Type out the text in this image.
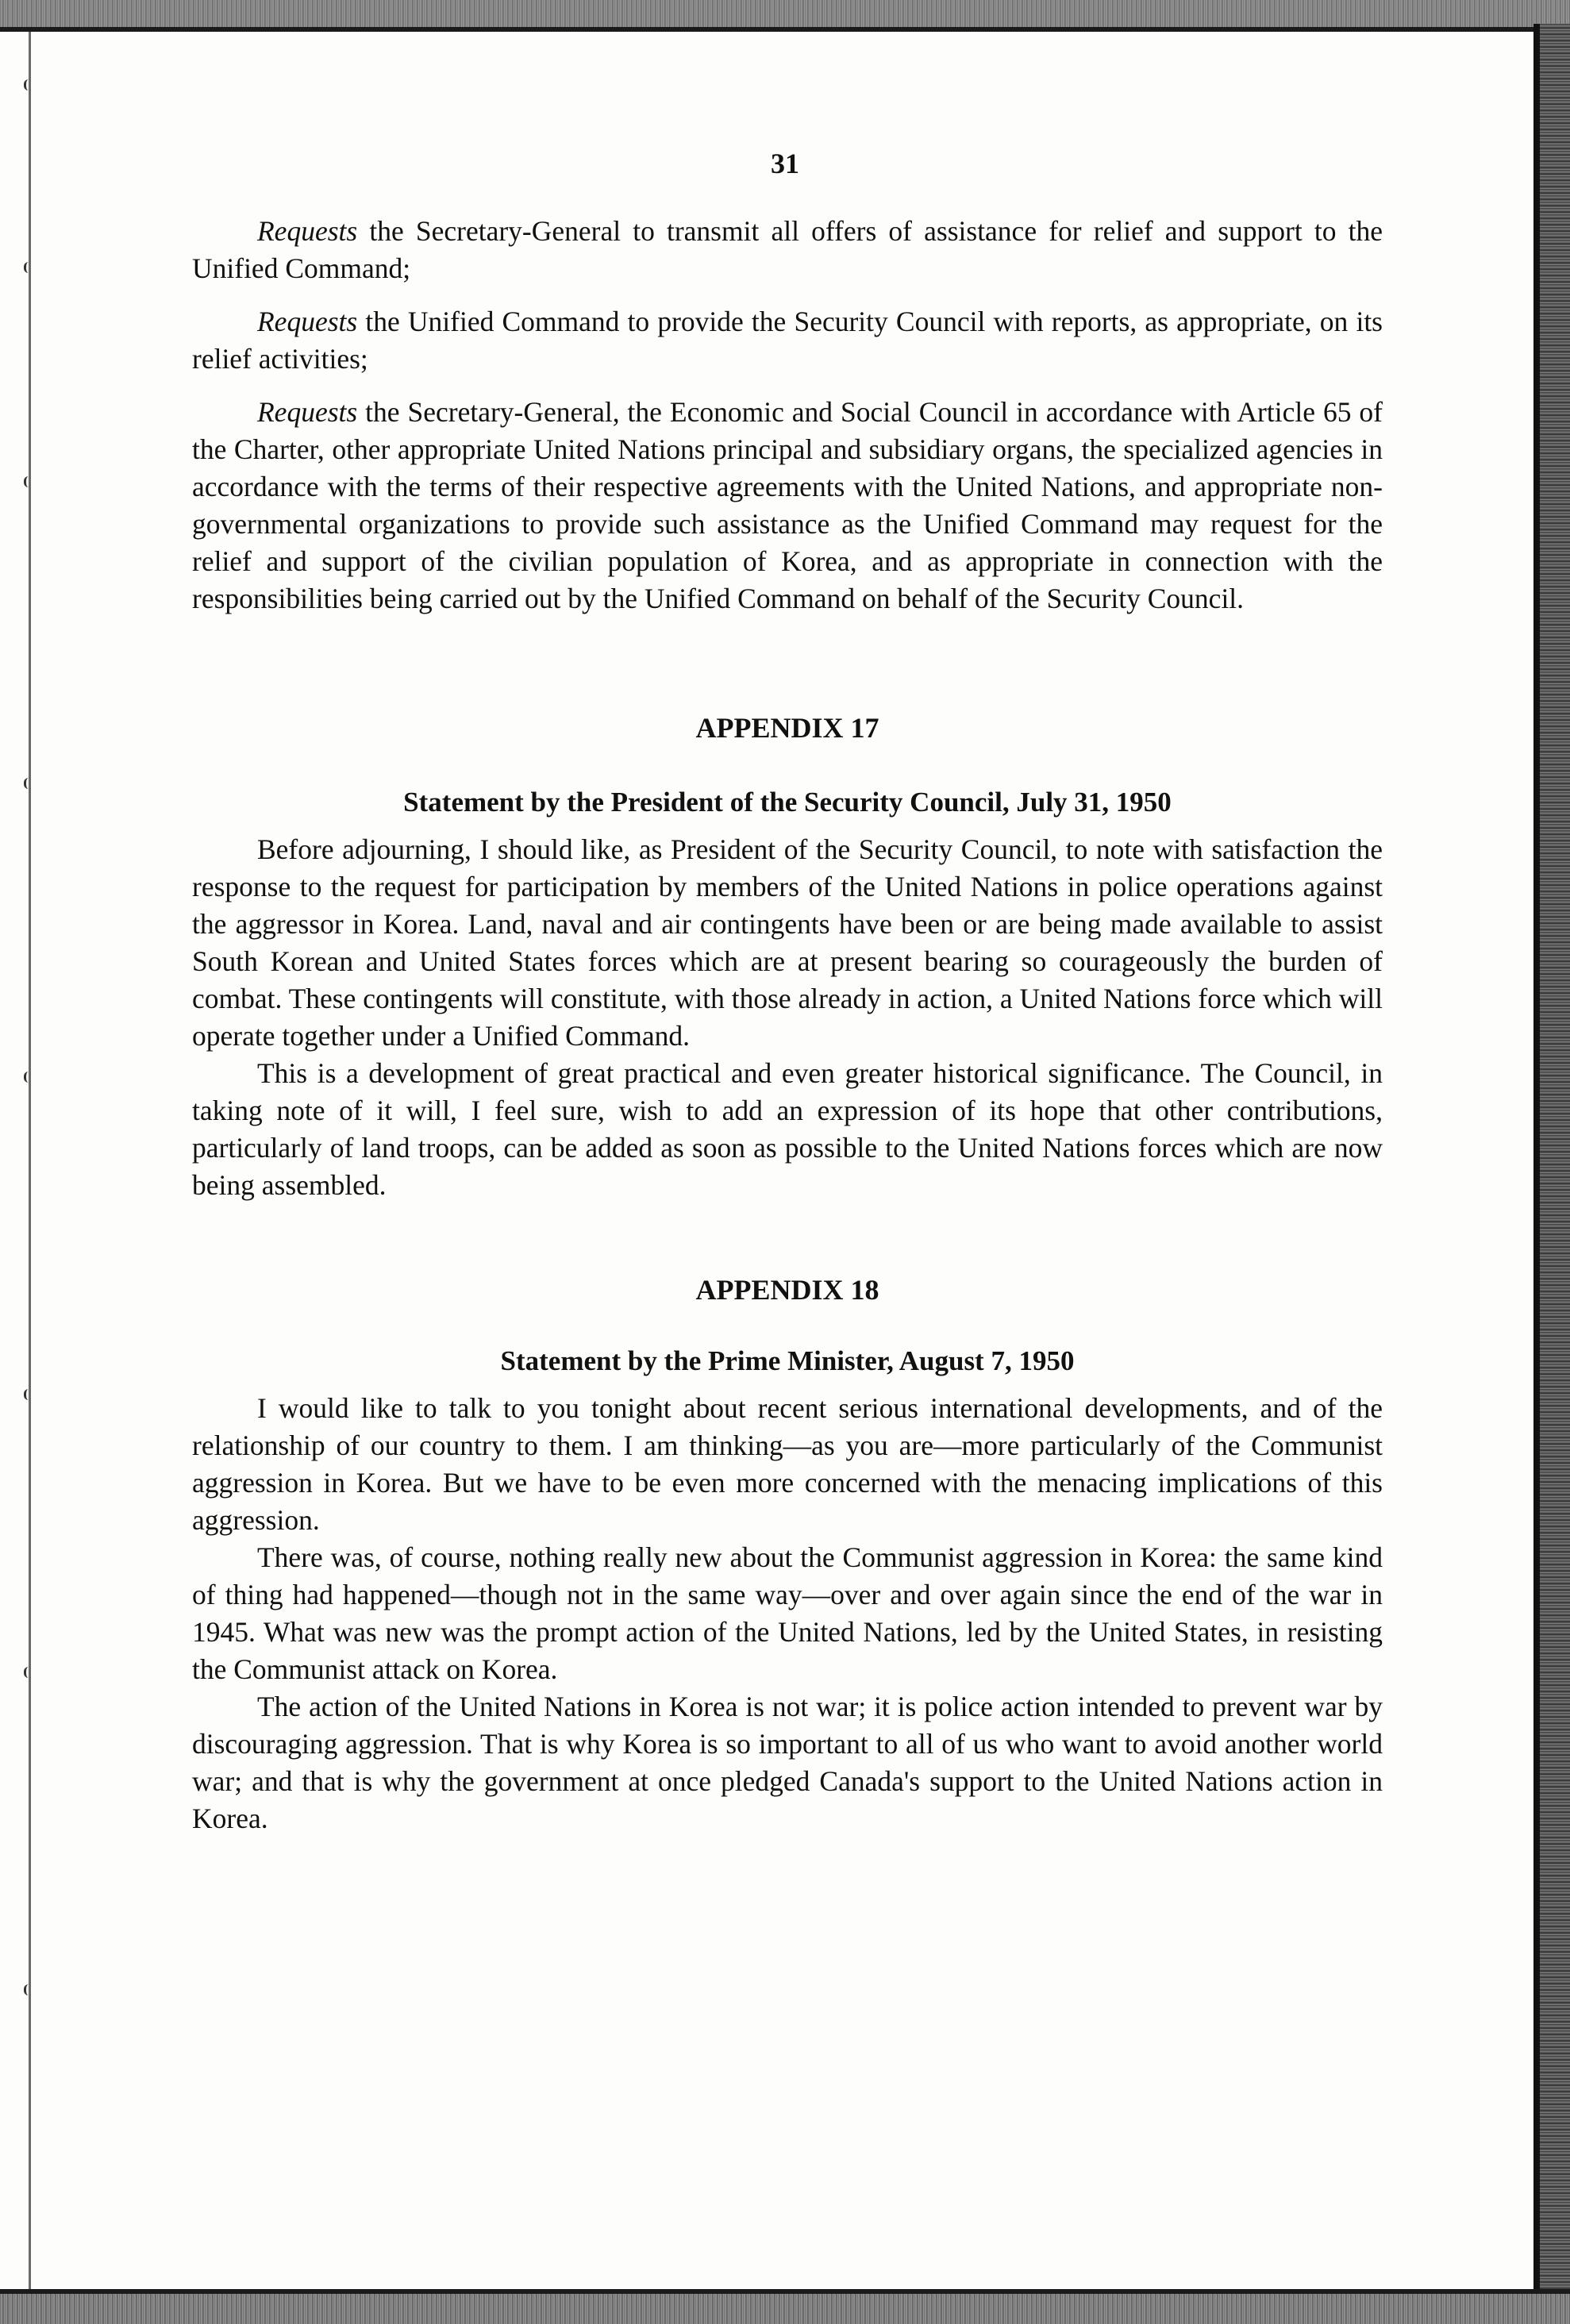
31

Requests the Secretary-General to transmit all offers of assistance for relief and support to the Unified Command;

Requests the Unified Command to provide the Security Council with reports, as appropriate, on its relief activities;

Requests the Secretary-General, the Economic and Social Council in accordance with Article 65 of the Charter, other appropriate United Nations principal and subsidiary organs, the specialized agencies in accordance with the terms of their respective agreements with the United Nations, and appropriate non-governmental organizations to provide such assistance as the Unified Command may request for the relief and support of the civilian population of Korea, and as appropriate in connection with the responsibilities being carried out by the Unified Command on behalf of the Security Council.

APPENDIX 17
Statement by the President of the Security Council, July 31, 1950

Before adjourning, I should like, as President of the Security Council, to note with satisfaction the response to the request for participation by members of the United Nations in police operations against the aggressor in Korea. Land, naval and air contingents have been or are being made available to assist South Korean and United States forces which are at present bearing so courageously the burden of combat. These contingents will constitute, with those already in action, a United Nations force which will operate together under a Unified Command.

This is a development of great practical and even greater historical significance. The Council, in taking note of it will, I feel sure, wish to add an expression of its hope that other contributions, particularly of land troops, can be added as soon as possible to the United Nations forces which are now being assembled.

APPENDIX 18
Statement by the Prime Minister, August 7, 1950

I would like to talk to you tonight about recent serious international developments, and of the relationship of our country to them. I am thinking—as you are—more particularly of the Communist aggression in Korea. But we have to be even more concerned with the menacing implications of this aggression.

There was, of course, nothing really new about the Communist aggression in Korea: the same kind of thing had happened—though not in the same way—over and over again since the end of the war in 1945. What was new was the prompt action of the United Nations, led by the United States, in resisting the Communist attack on Korea.

The action of the United Nations in Korea is not war; it is police action intended to prevent war by discouraging aggression. That is why Korea is so important to all of us who want to avoid another world war; and that is why the government at once pledged Canada's support to the United Nations action in Korea.
